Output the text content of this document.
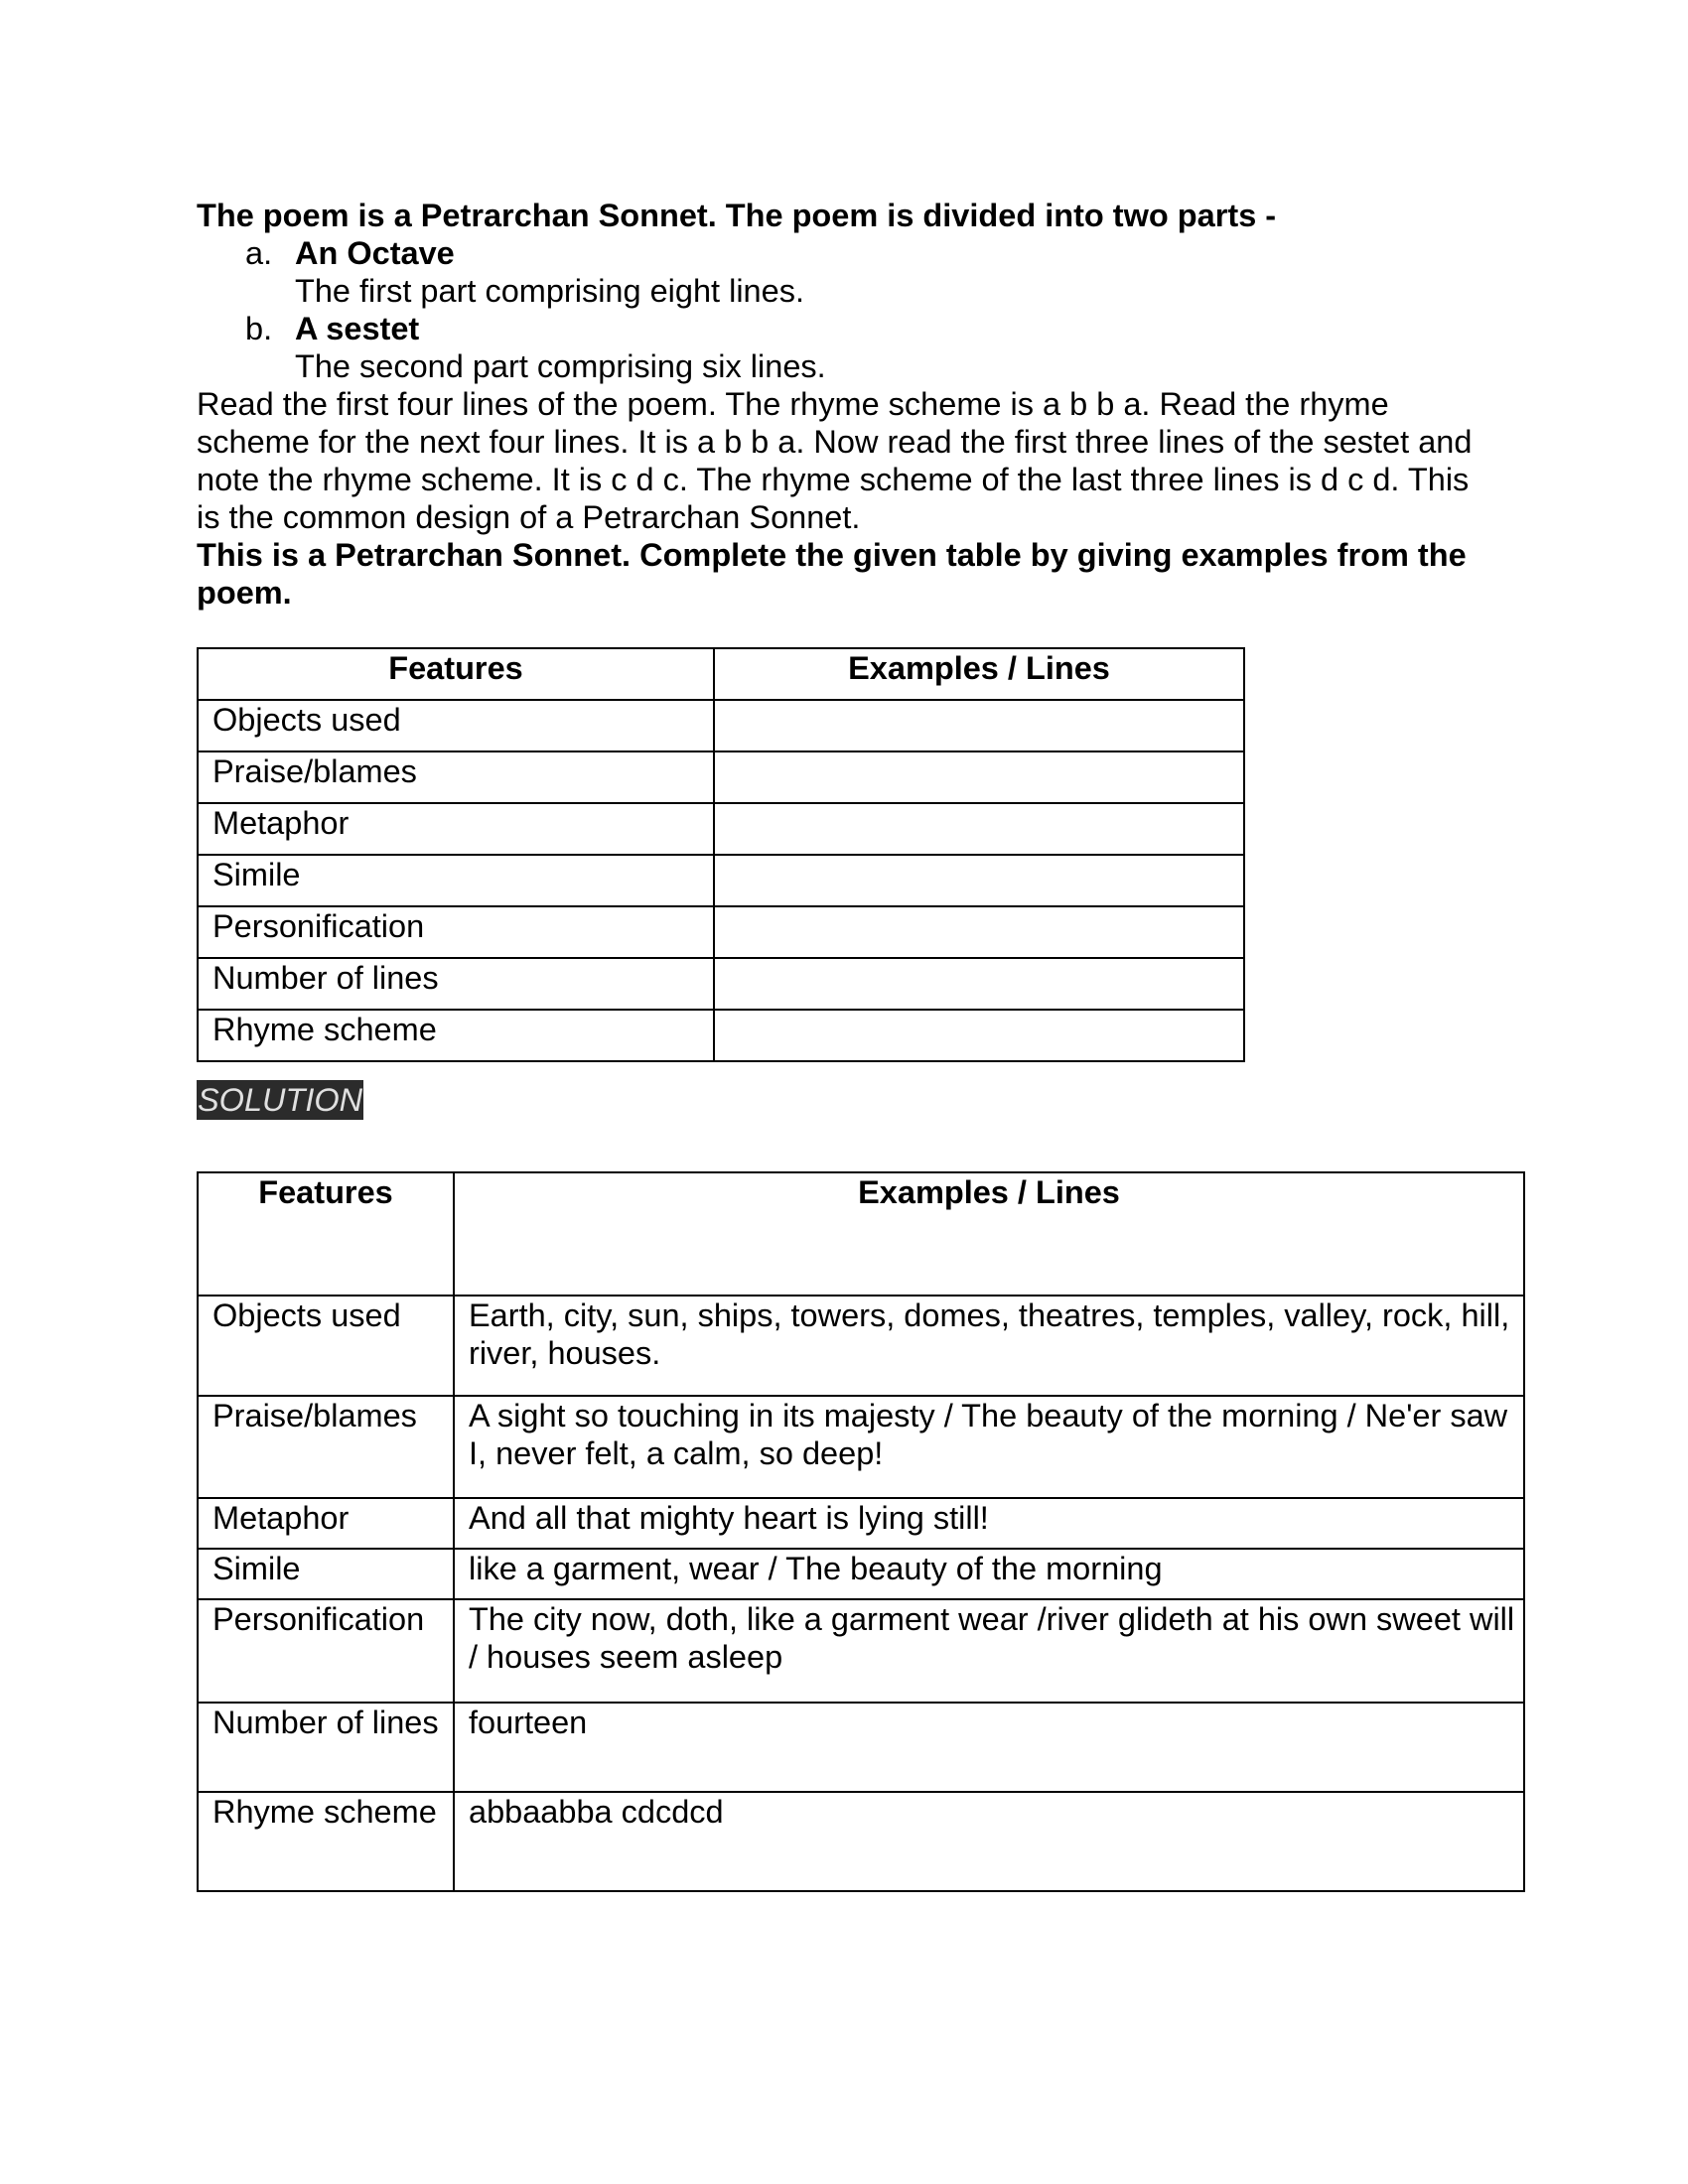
The poem is a Petrarchan Sonnet. The poem is divided into two parts -

a. An Octave
The first part comprising eight lines.
b. A sestet
The second part comprising six lines.

Read the first four lines of the poem. The rhyme scheme is a b b a. Read the rhyme scheme for the next four lines. It is a b b a. Now read the first three lines of the sestet and note the rhyme scheme. It is c d c. The rhyme scheme of the last three lines is d c d. This is the common design of a Petrarchan Sonnet.

This is a Petrarchan Sonnet. Complete the given table by giving examples from the poem.

Features	Examples / Lines
Objects used	
Praise/blames	
Metaphor	
Simile	
Personification	
Number of lines	
Rhyme scheme	
SOLUTION
Features	Examples / Lines
Objects used	Earth, city, sun, ships, towers, domes, theatres, temples, valley, rock, hill, river, houses.
Praise/blames	A sight so touching in its majesty / The beauty of the morning / Ne'er saw I, never felt, a calm, so deep!
Metaphor	And all that mighty heart is lying still!
Simile	like a garment, wear / The beauty of the morning
Personification	The city now, doth, like a garment wear /river glideth at his own sweet will / houses seem asleep
Number of lines	fourteen
Rhyme scheme	abbaabba cdcdcd
